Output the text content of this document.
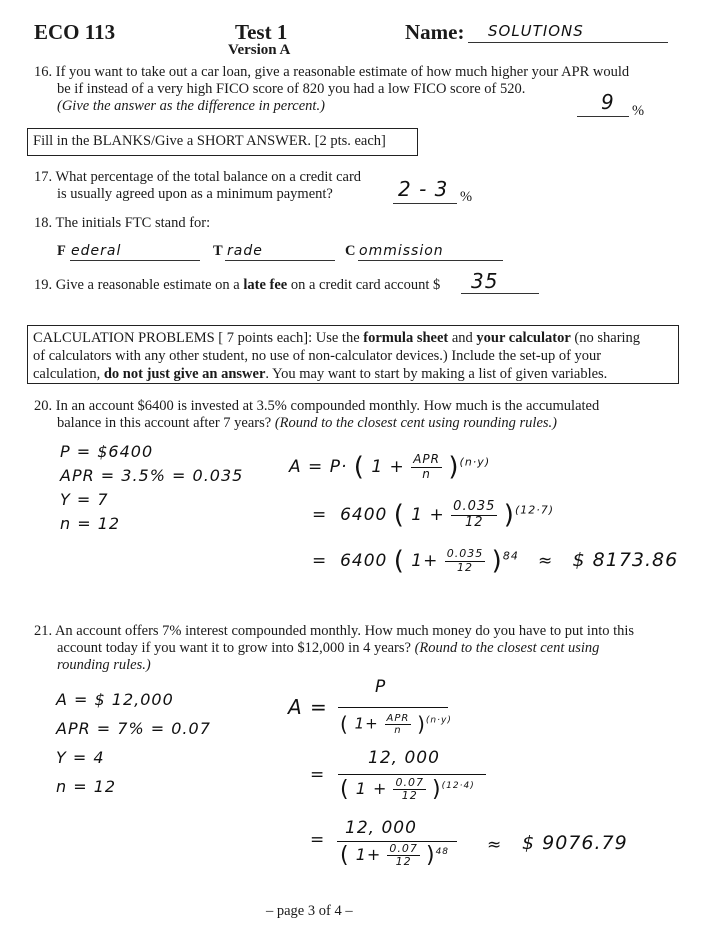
ECO 113	Test 1
Version A
Name: SOLUTIONS
16. If you want to take out a car loan, give a reasonable estimate of how much higher your APR would
be if instead of a very high FICO score of 820 you had a low FICO score of 520.
(Give the answer as the difference in percent.)	9 %
Fill in the BLANKS/Give a SHORT ANSWER. [2 pts. each]
17. What percentage of the total balance on a credit card
is usually agreed upon as a minimum payment?	2 - 3 %
18. The initials FTC stand for:
F ederal	T rade	C ommission
19. Give a reasonable estimate on a late fee on a credit card account $ 35
CALCULATION PROBLEMS [ 7 points each]: Use the formula sheet and your calculator (no sharing
of calculators with any other student, no use of non-calculator devices.) Include the set-up of your
calculation, do not just give an answer. You may want to start by making a list of given variables.
20. In an account $6400 is invested at 3.5% compounded monthly. How much is the accumulated
balance in this account after 7 years? (Round to the closest cent using rounding rules.)
P = $6400
APR = 3.5% = 0.035
Y = 7
n = 12
A = P· ( $1 + \frac{\text{APR}}{n} )^{(n\cdot y)}$
= 6400 ( $1 + \frac{0.035}{12} )^{(12\cdot 7)}$
= 6400 ( $1+ \frac{0.035}{12} )^{84}$ ≈ $ 8173.86
21. An account offers 7% interest compounded monthly. How much money do you have to put into this
account today if you want it to grow into $12,000 in 4 years? (Round to the closest cent using
rounding rules.)
A = $ 12,000
APR = 7% = 0.07
Y = 4
n = 12
A =
P
( $1+ \frac{\text{APR}}{n} )^{(n\cdot y)}$
=
12, 000
( $1 + \frac{0.07}{12} )^{(12\cdot 4)}$
=
12, 000
( $1+ \frac{0.07}{12} )^{48}$ ≈ $ 9076.79
– page 3 of 4 –
